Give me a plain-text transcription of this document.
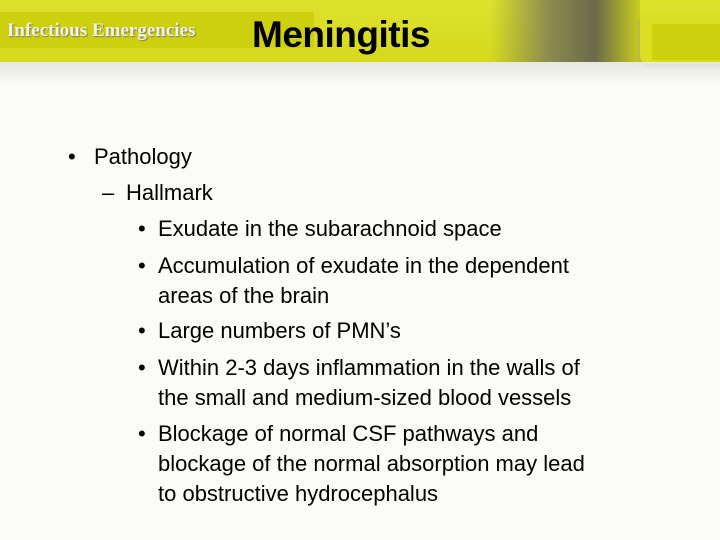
Infectious Emergencies Meningitis
• Pathology
– Hallmark
• Exudate in the subarachnoid space
• Accumulation of exudate in the dependent
areas of the brain
• Large numbers of PMN’s
• Within 2-3 days inflammation in the walls of
the small and medium-sized blood vessels
• Blockage of normal CSF pathways and
blockage of the normal absorption may lead
to obstructive hydrocephalus
